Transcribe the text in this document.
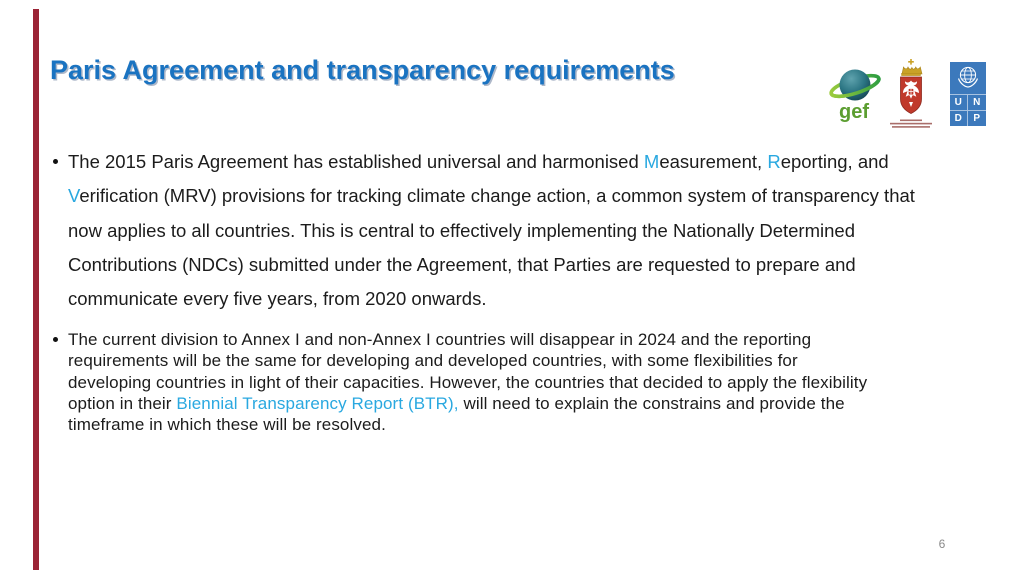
Paris Agreement and transparency requirements
gef	U	N
D	P
The 2015 Paris Agreement has established universal and harmonised Measurement, Reporting, and
Verification (MRV) provisions for tracking climate change action, a common system of transparency that
now applies to all countries. This is central to effectively implementing the Nationally Determined
Contributions (NDCs) submitted under the Agreement, that Parties are requested to prepare and
communicate every five years, from 2020 onwards.
The current division to Annex I and non-Annex I countries will disappear in 2024 and the reporting
requirements will be the same for developing and developed countries, with some flexibilities for
developing countries in light of their capacities. However, the countries that decided to apply the flexibility
option in their Biennial Transparency Report (BTR), will need to explain the constrains and provide the
timeframe in which these will be resolved.
6
